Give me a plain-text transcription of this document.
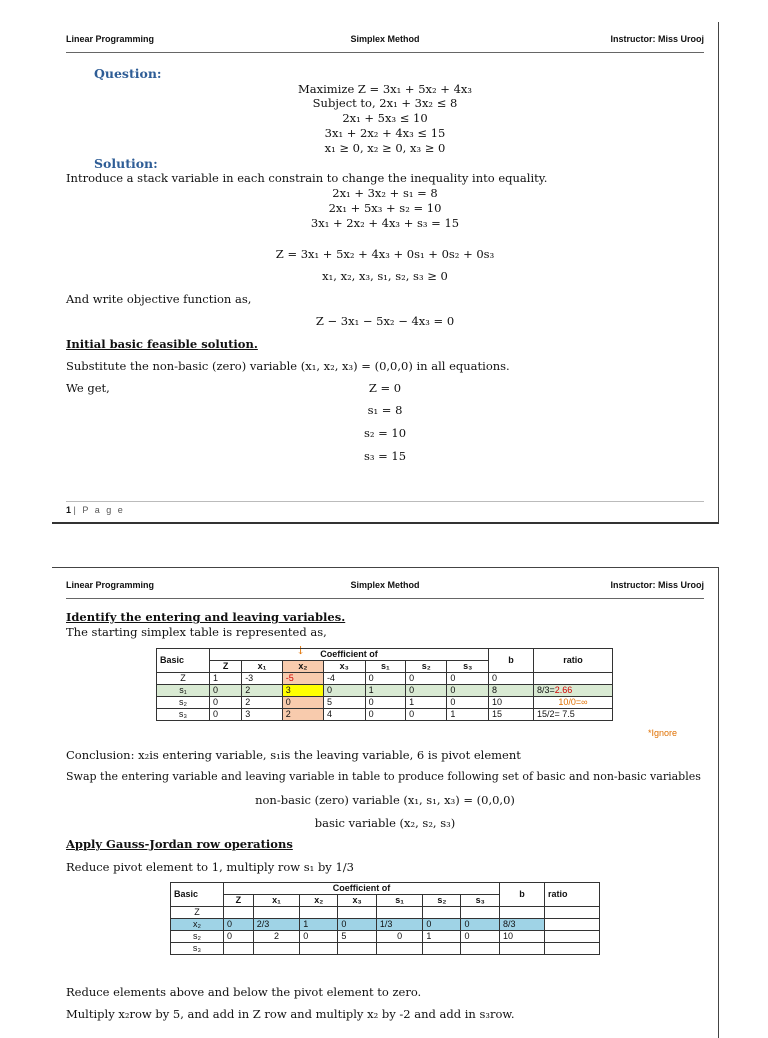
Linear Programming	Simplex Method	Instructor: Miss Urooj
Question:
Maximize Z = 3x₁ + 5x₂ + 4x₃
Subject to, 2x₁ + 3x₂ ≤ 8
2x₁ + 5x₃ ≤ 10
3x₁ + 2x₂ + 4x₃ ≤ 15
x₁ ≥ 0, x₂ ≥ 0, x₃ ≥ 0
Solution:
Introduce a stack variable in each constrain to change the inequality into equality.
2x₁ + 3x₂ + s₁ = 8
2x₁ + 5x₃ + s₂ = 10
3x₁ + 2x₂ + 4x₃ + s₃ = 15
Z = 3x₁ + 5x₂ + 4x₃ + 0s₁ + 0s₂ + 0s₃
x₁, x₂, x₃, s₁, s₂, s₃ ≥ 0
And write objective function as,
Z − 3x₁ − 5x₂ − 4x₃ = 0
Initial basic feasible solution.
Substitute the non-basic (zero) variable (x₁, x₂, x₃) = (0,0,0) in all equations.
We get,	Z = 0
s₁ = 8
s₂ = 10
s₃ = 15
1 | P a g e
Linear Programming	Simplex Method	Instructor: Miss Urooj
Identify the entering and leaving variables.
The starting simplex table is represented as,
↓
Basic	Coefficient of							b	ratio
	Z	x₁	x₂	x₃	s₁	s₂	s₃		
Z	1	-3	-5	-4	0	0	0	0	
s₁	0	2	3	0	1	0	0	8	8/3=2.66
s₂	0	2	0	5	0	1	0	10	10/0=∞
s₃	0	3	2	4	0	0	1	15	15/2= 7.5
*Ignore
Conclusion: x₂is entering variable, s₁is the leaving variable, 6 is pivot element
Swap the entering variable and leaving variable in table to produce following set of basic and non-basic variables
non-basic (zero) variable (x₁, s₁, x₃) = (0,0,0)
basic variable (x₂, s₂, s₃)
Apply Gauss-Jordan row operations
Reduce pivot element to 1, multiply row s₁ by 1/3
Basic	Coefficient of							b	ratio
	Z	x₁	x₂	x₃	s₁	s₂	s₃		
Z									
x₂	0	2/3	1	0	1/3	0	0	8/3	
s₂	0	2	0	5	0	1	0	10	
s₃									
Reduce elements above and below the pivot element to zero.
Multiply x₂row by 5, and add in Z row and multiply x₂ by -2 and add in s₃row.
